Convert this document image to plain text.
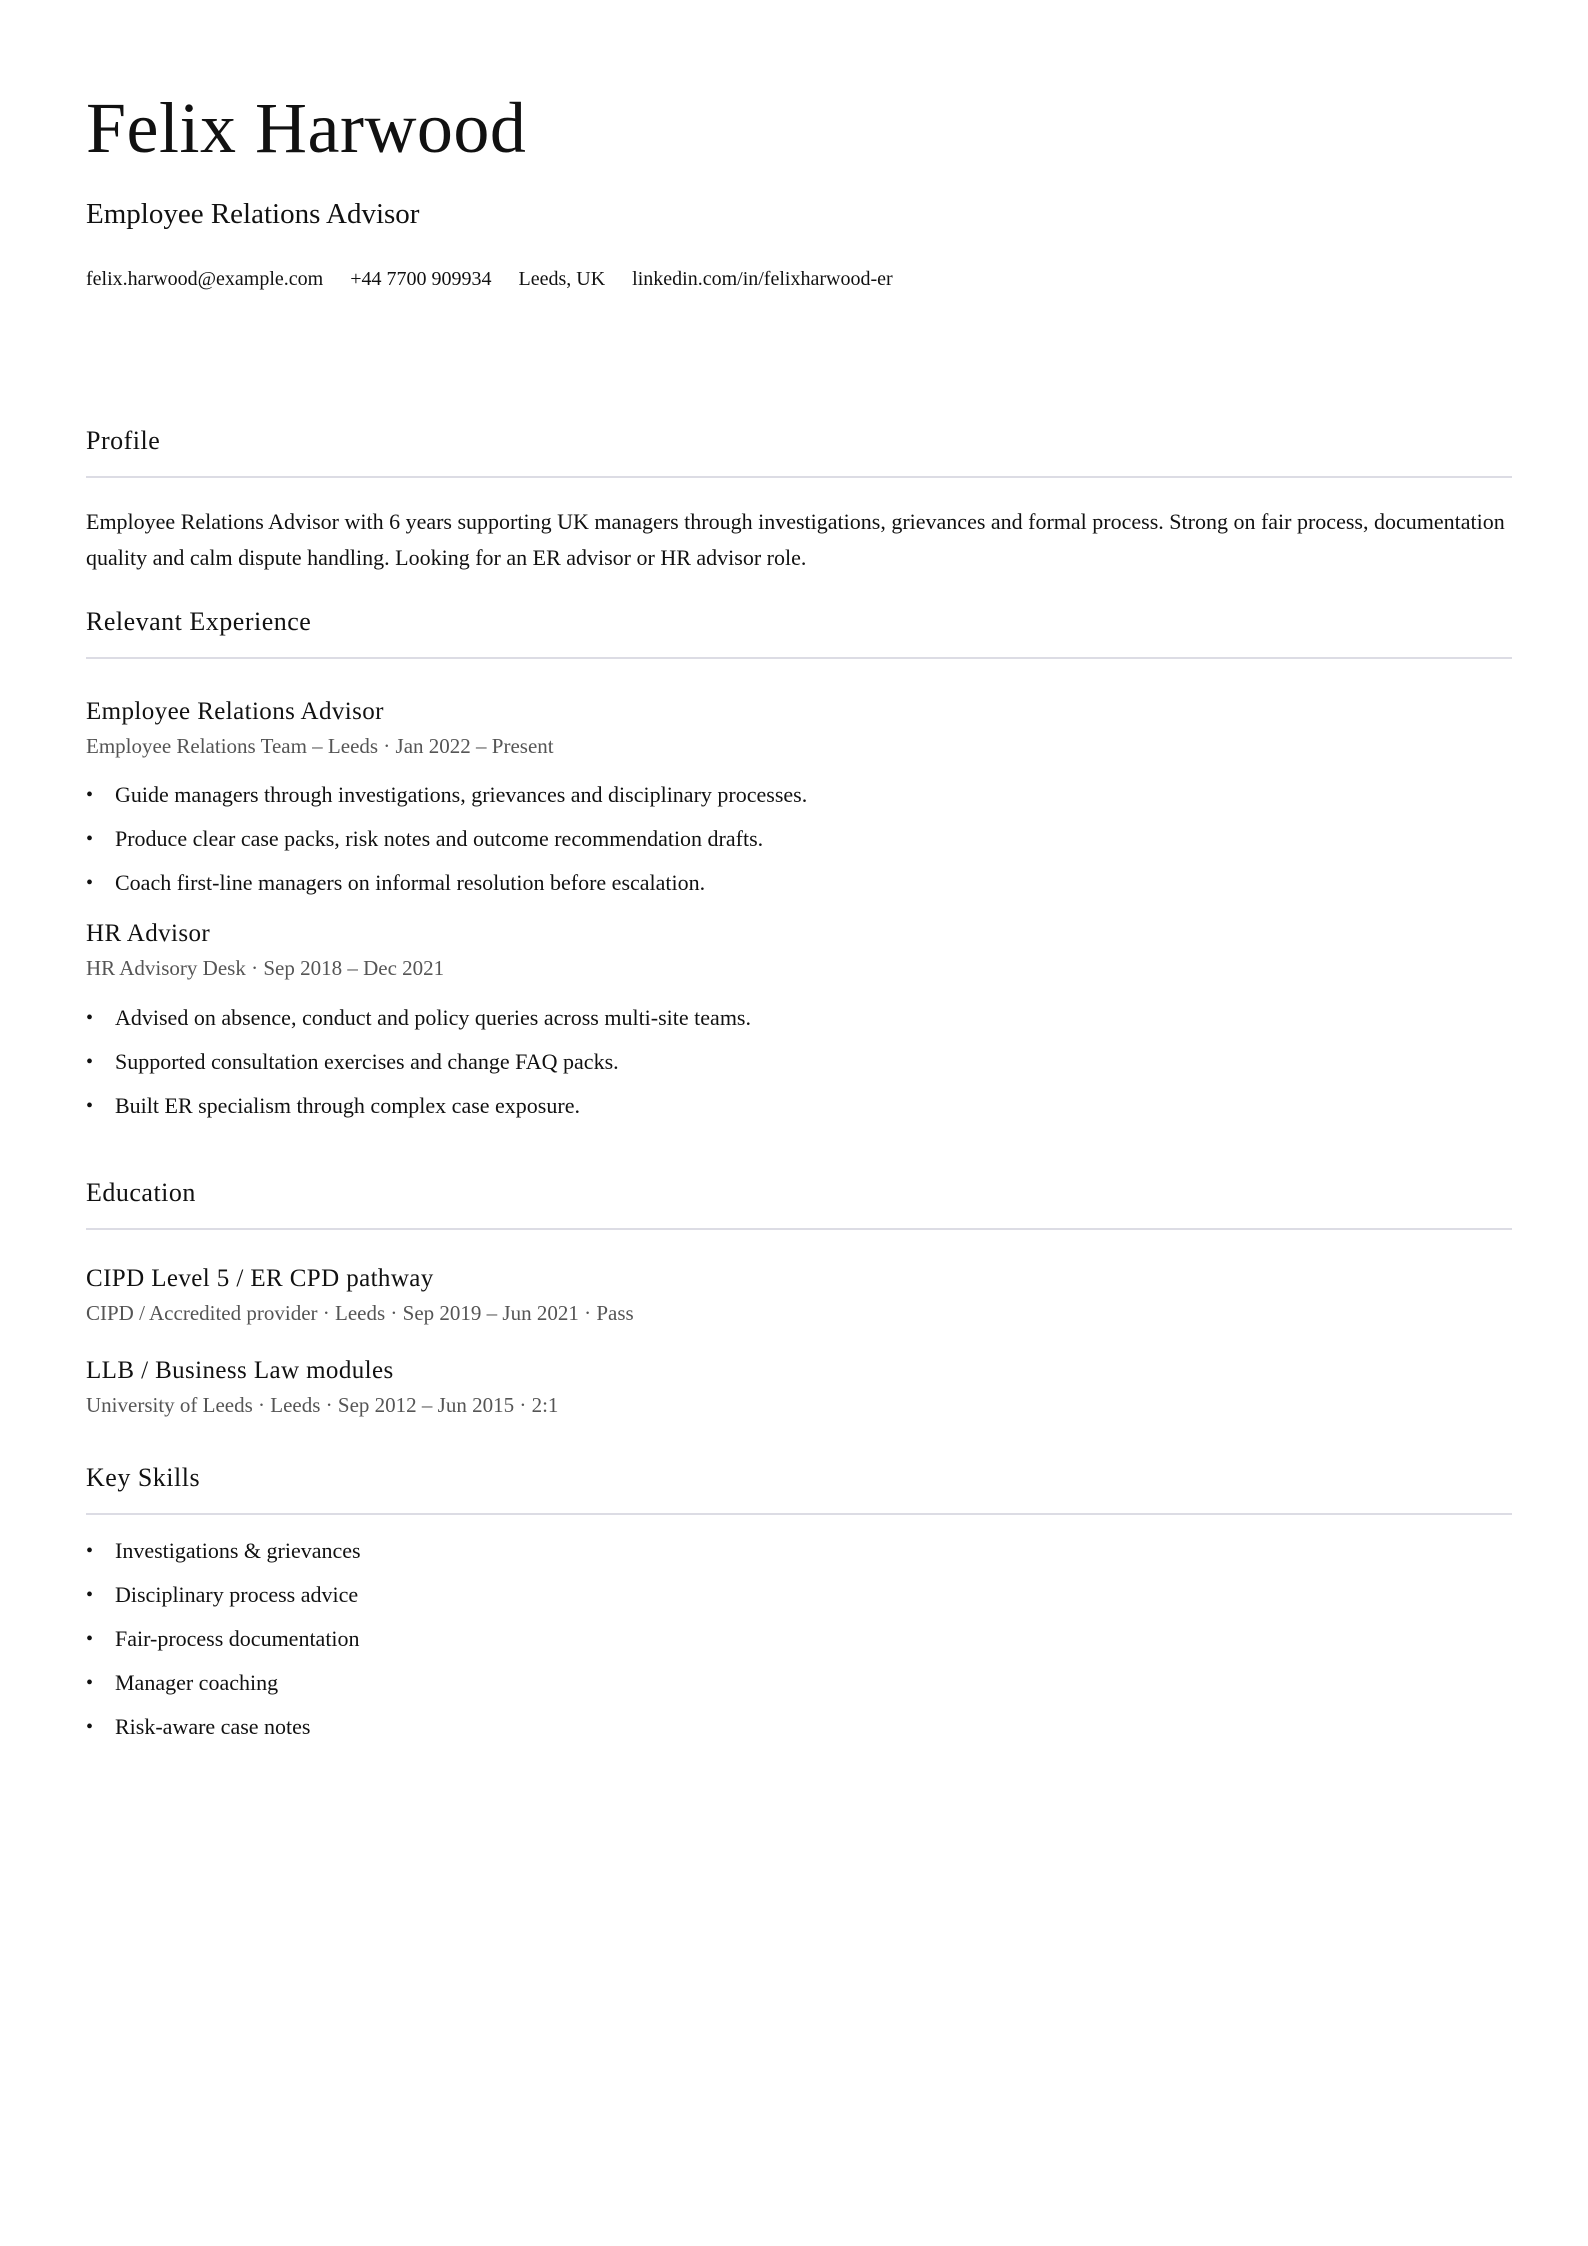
Felix Harwood
Employee Relations Advisor
felix.harwood@example.com +44 7700 909934 Leeds, UK linkedin.com/in/felixharwood-er
Profile
Employee Relations Advisor with 6 years supporting UK managers through investigations, grievances and formal process. Strong on fair process, documentation quality and calm dispute handling. Looking for an ER advisor or HR advisor role.
Relevant Experience
Employee Relations Advisor
Employee Relations Team – Leeds · Jan 2022 – Present
• Guide managers through investigations, grievances and disciplinary processes.
• Produce clear case packs, risk notes and outcome recommendation drafts.
• Coach first-line managers on informal resolution before escalation.
HR Advisor
HR Advisory Desk · Sep 2018 – Dec 2021
• Advised on absence, conduct and policy queries across multi-site teams.
• Supported consultation exercises and change FAQ packs.
• Built ER specialism through complex case exposure.
Education
CIPD Level 5 / ER CPD pathway
CIPD / Accredited provider · Leeds · Sep 2019 – Jun 2021 · Pass
LLB / Business Law modules
University of Leeds · Leeds · Sep 2012 – Jun 2015 · 2:1
Key Skills
• Investigations & grievances
• Disciplinary process advice
• Fair-process documentation
• Manager coaching
• Risk-aware case notes
